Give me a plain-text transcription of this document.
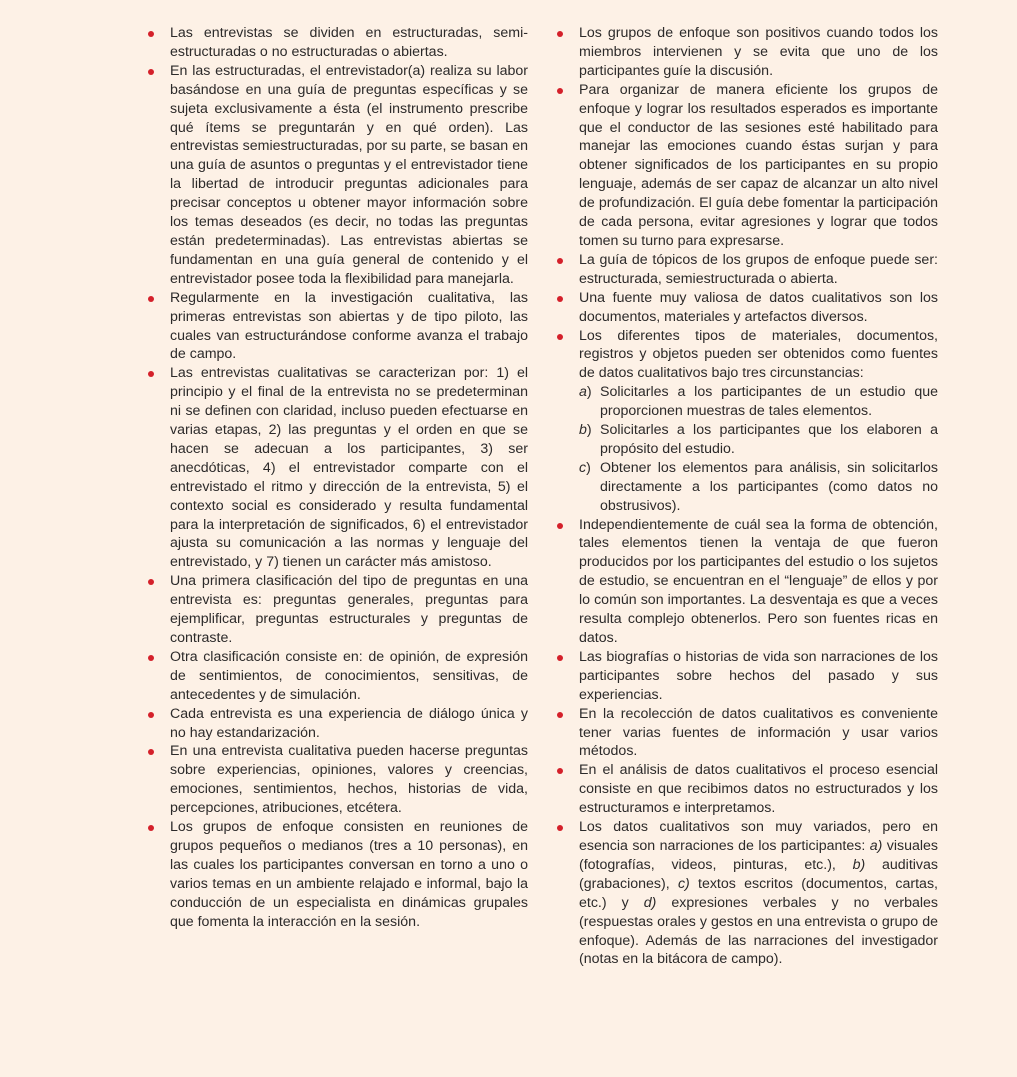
Las entrevistas se dividen en estructuradas, semiestructuradas o no estructuradas o abiertas.
En las estructuradas, el entrevistador(a) realiza su labor basándose en una guía de preguntas específicas y se sujeta exclusivamente a ésta (el instrumento prescribe qué ítems se preguntarán y en qué orden). Las entrevistas semiestructuradas, por su parte, se basan en una guía de asuntos o preguntas y el entrevistador tiene la libertad de introducir preguntas adicionales para precisar conceptos u obtener mayor información sobre los temas deseados (es decir, no todas las preguntas están predeterminadas). Las entrevistas abiertas se fundamentan en una guía general de contenido y el entrevistador posee toda la flexibilidad para manejarla.
Regularmente en la investigación cualitativa, las primeras entrevistas son abiertas y de tipo piloto, las cuales van estructurándose conforme avanza el trabajo de campo.
Las entrevistas cualitativas se caracterizan por: 1) el principio y el final de la entrevista no se predeterminan ni se definen con claridad, incluso pueden efectuarse en varias etapas, 2) las preguntas y el orden en que se hacen se adecuan a los participantes, 3) ser anecdóticas, 4) el entrevistador comparte con el entrevistado el ritmo y dirección de la entrevista, 5) el contexto social es considerado y resulta fundamental para la interpretación de significados, 6) el entrevistador ajusta su comunicación a las normas y lenguaje del entrevistado, y 7) tienen un carácter más amistoso.
Una primera clasificación del tipo de preguntas en una entrevista es: preguntas generales, preguntas para ejemplificar, preguntas estructurales y preguntas de contraste.
Otra clasificación consiste en: de opinión, de expresión de sentimientos, de conocimientos, sensitivas, de antecedentes y de simulación.
Cada entrevista es una experiencia de diálogo única y no hay estandarización.
En una entrevista cualitativa pueden hacerse preguntas sobre experiencias, opiniones, valores y creencias, emociones, sentimientos, hechos, historias de vida, percepciones, atribuciones, etcétera.
Los grupos de enfoque consisten en reuniones de grupos pequeños o medianos (tres a 10 personas), en las cuales los participantes conversan en torno a uno o varios temas en un ambiente relajado e informal, bajo la conducción de un especialista en dinámicas grupales que fomenta la interacción en la sesión.
Los grupos de enfoque son positivos cuando todos los miembros intervienen y se evita que uno de los participantes guíe la discusión.
Para organizar de manera eficiente los grupos de enfoque y lograr los resultados esperados es importante que el conductor de las sesiones esté habilitado para manejar las emociones cuando éstas surjan y para obtener significados de los participantes en su propio lenguaje, además de ser capaz de alcanzar un alto nivel de profundización. El guía debe fomentar la participación de cada persona, evitar agresiones y lograr que todos tomen su turno para expresarse.
La guía de tópicos de los grupos de enfoque puede ser: estructurada, semiestructurada o abierta.
Una fuente muy valiosa de datos cualitativos son los documentos, materiales y artefactos diversos.
Los diferentes tipos de materiales, documentos, registros y objetos pueden ser obtenidos como fuentes de datos cualitativos bajo tres circunstancias:
a) Solicitarles a los participantes de un estudio que proporcionen muestras de tales elementos.
b) Solicitarles a los participantes que los elaboren a propósito del estudio.
c) Obtener los elementos para análisis, sin solicitarlos directamente a los participantes (como datos no obstrusivos).
Independientemente de cuál sea la forma de obtención, tales elementos tienen la ventaja de que fueron producidos por los participantes del estudio o los sujetos de estudio, se encuentran en el “lenguaje” de ellos y por lo común son importantes. La desventaja es que a veces resulta complejo obtenerlos. Pero son fuentes ricas en datos.
Las biografías o historias de vida son narraciones de los participantes sobre hechos del pasado y sus experiencias.
En la recolección de datos cualitativos es conveniente tener varias fuentes de información y usar varios métodos.
En el análisis de datos cualitativos el proceso esencial consiste en que recibimos datos no estructurados y los estructuramos e interpretamos.
Los datos cualitativos son muy variados, pero en esencia son narraciones de los participantes: a) visuales (fotografías, videos, pinturas, etc.), b) auditivas (grabaciones), c) textos escritos (documentos, cartas, etc.) y d) expresiones verbales y no verbales (respuestas orales y gestos en una entrevista o grupo de enfoque). Además de las narraciones del investigador (notas en la bitácora de campo).
